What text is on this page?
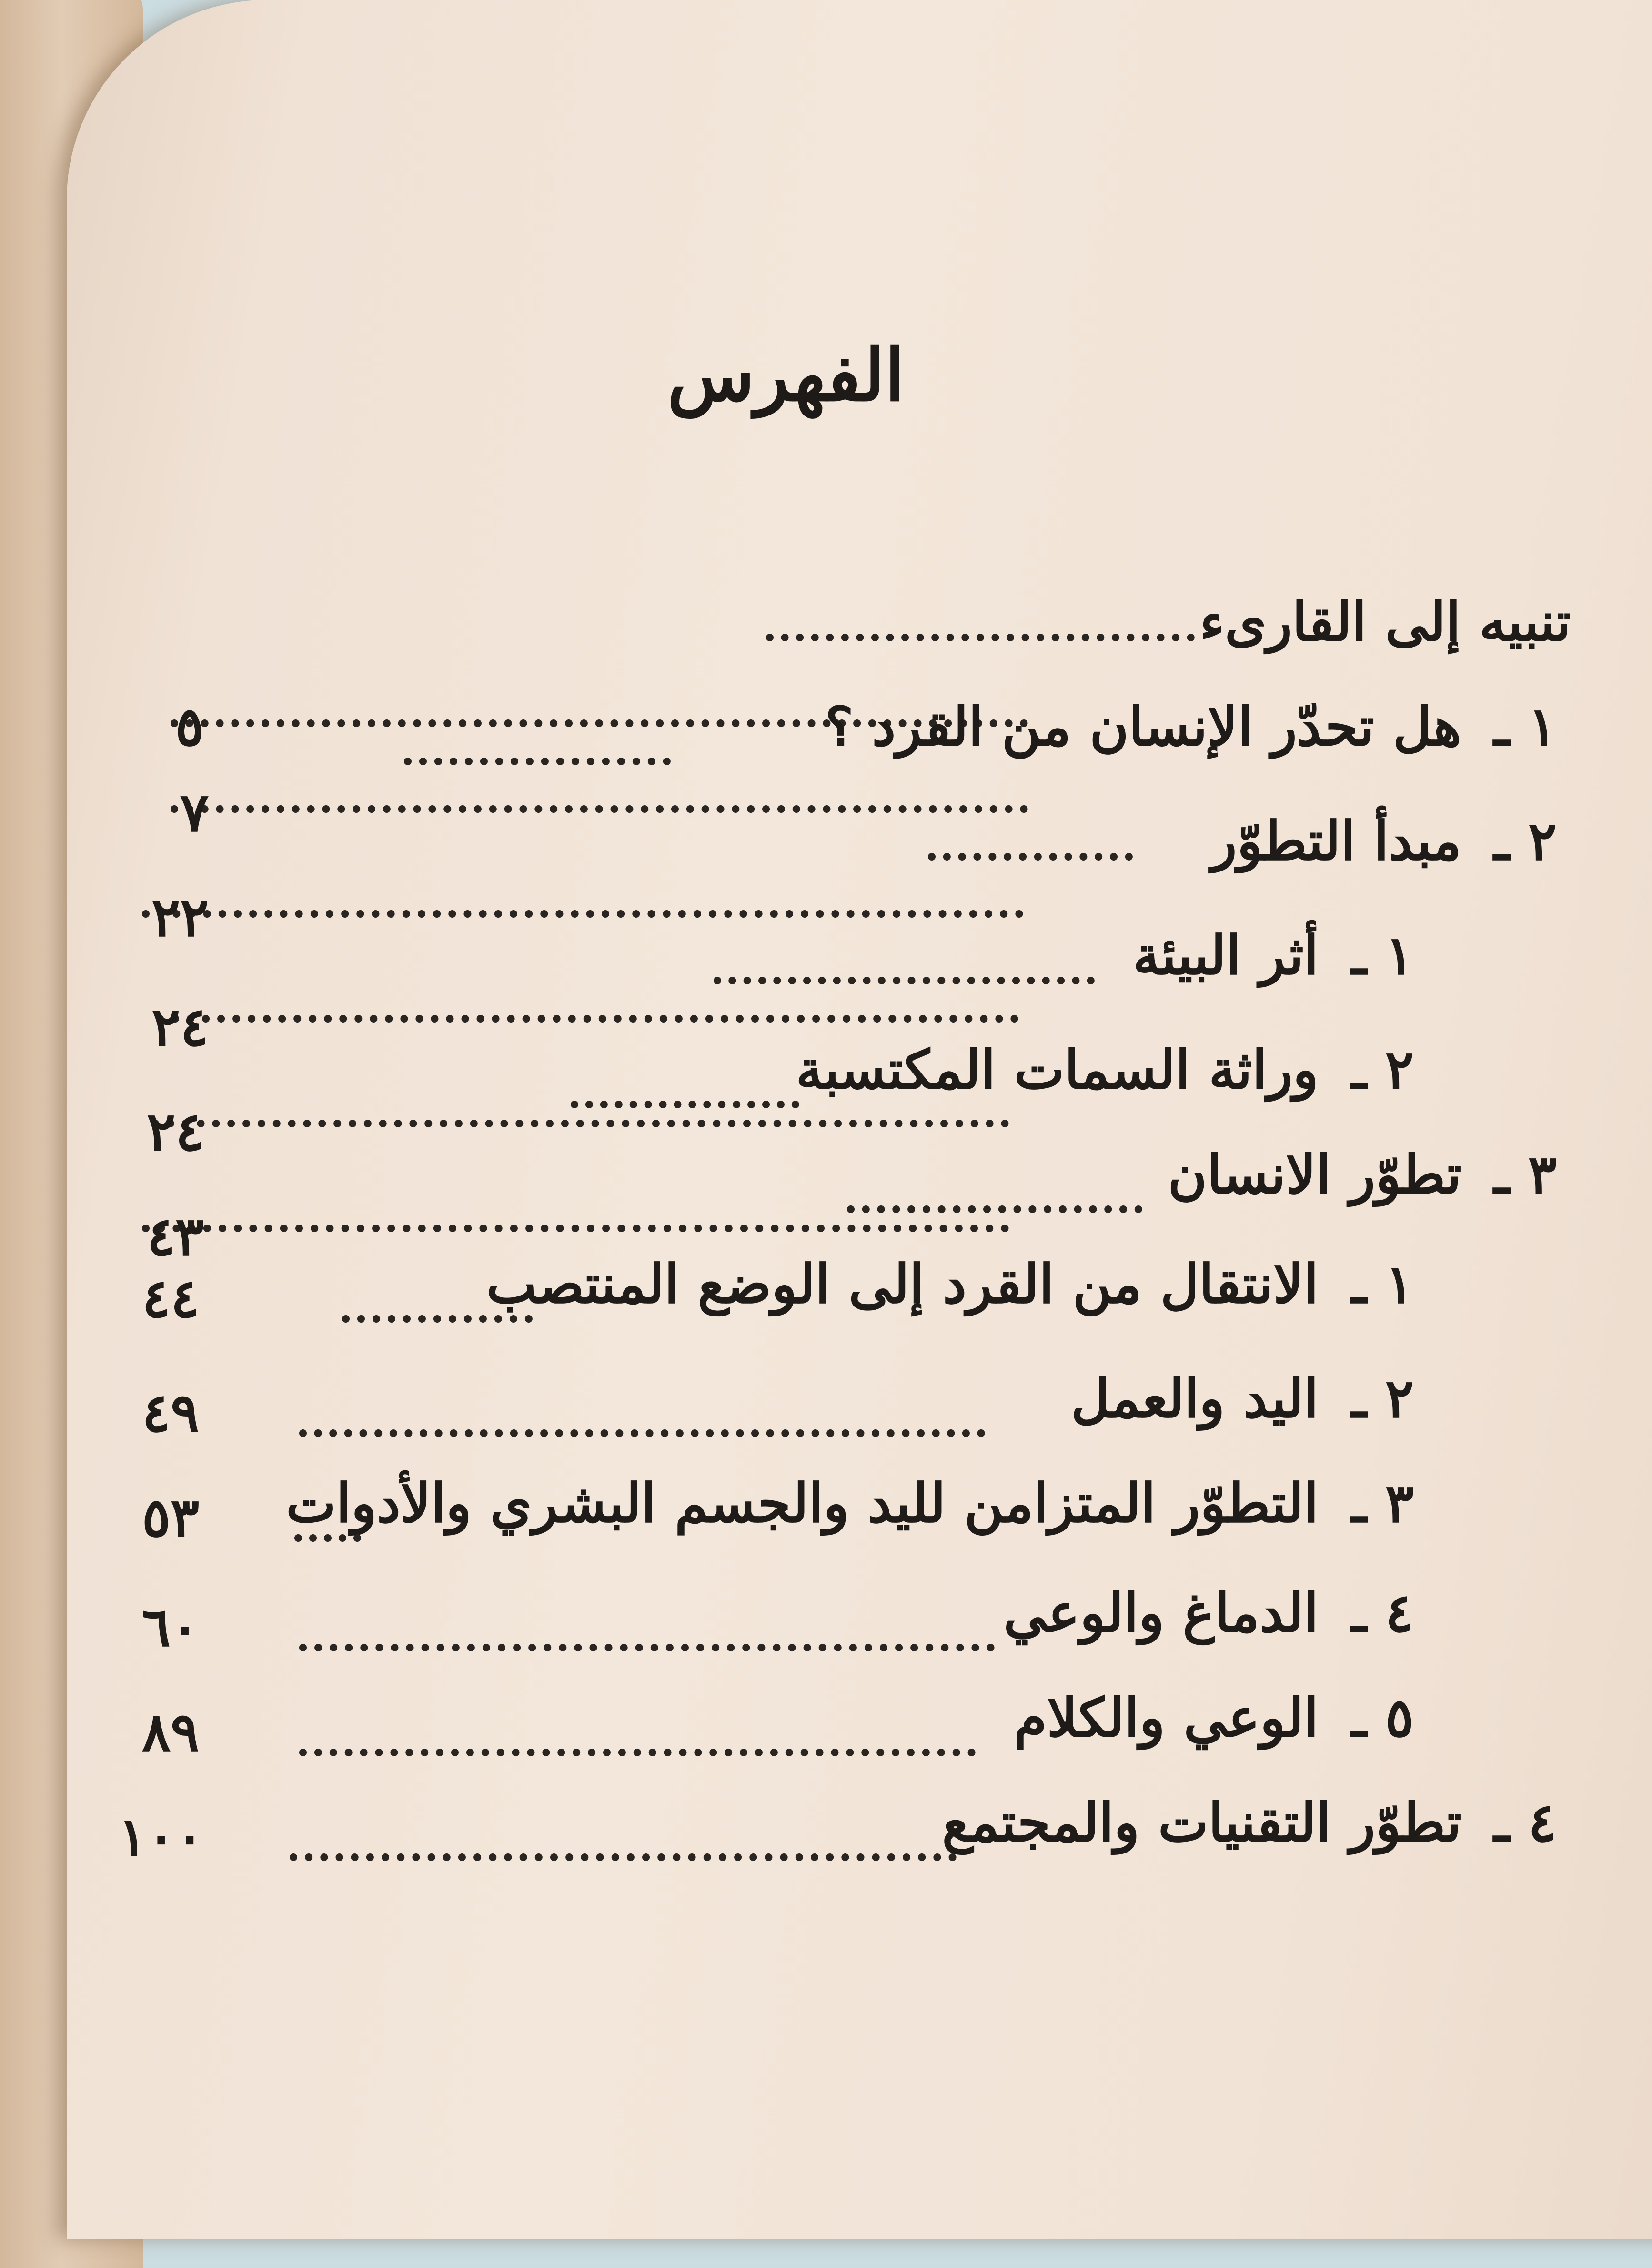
الفهرس
تنبيه إلى القارىء
٥	١ ـ
هل تحدّر الإنسان من القرد ؟
٧	٢ ـ
مبدأ التطوّر
٢٢
١ ـ
أثر البيئة
٢٤
٢ ـ
وراثة السمات المكتسبة
٢٤
٣ ـ
تطوّر الانسان
٤٣
١ ـ
الانتقال من القرد إلى الوضع المنتصب
٤٤
٢ ـ
اليد والعمل
٤٩
٣ ـ
التطوّر المتزامن لليد والجسم البشري والأدوات
٥٣
٤ ـ
الدماغ والوعي
٦٠
٥ ـ
الوعي والكلام
٨٩
٤ ـ
تطوّر التقنيات والمجتمع
١٠٠
